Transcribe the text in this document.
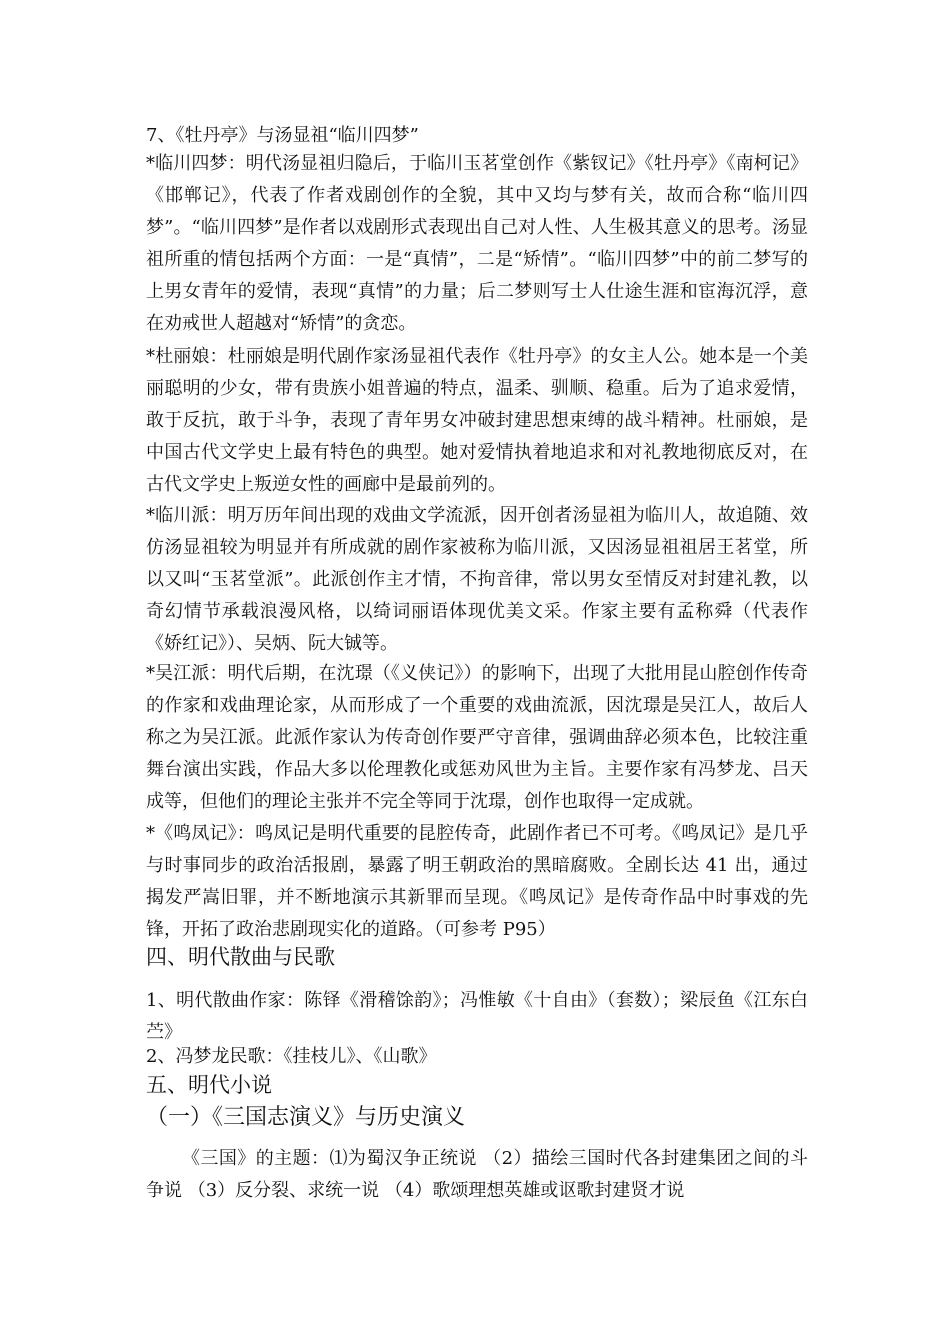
7、《牡丹亭》与汤显祖“临川四梦”
*临川四梦：明代汤显祖归隐后，于临川玉茗堂创作《紫钗记》《牡丹亭》《南柯记》《邯郸记》，代表了作者戏剧创作的全貌，其中又均与梦有关，故而合称“临川四梦”。“临川四梦”是作者以戏剧形式表现出自己对人性、人生极其意义的思考。汤显祖所重的情包括两个方面：一是“真情”，二是“矫情”。“临川四梦”中的前二梦写的上男女青年的爱情，表现“真情”的力量；后二梦则写士人仕途生涯和宦海沉浮，意在劝戒世人超越对“矫情”的贪恋。
*杜丽娘：杜丽娘是明代剧作家汤显祖代表作《牡丹亭》的女主人公。她本是一个美丽聪明的少女，带有贵族小姐普遍的特点，温柔、驯顺、稳重。后为了追求爱情，敢于反抗，敢于斗争，表现了青年男女冲破封建思想束缚的战斗精神。杜丽娘，是中国古代文学史上最有特色的典型。她对爱情执着地追求和对礼教地彻底反对，在古代文学史上叛逆女性的画廊中是最前列的。
*临川派：明万历年间出现的戏曲文学流派，因开创者汤显祖为临川人，故追随、效仿汤显祖较为明显并有所成就的剧作家被称为临川派，又因汤显祖祖居王茗堂，所以又叫“玉茗堂派”。此派创作主才情，不拘音律，常以男女至情反对封建礼教，以奇幻情节承载浪漫风格，以绮词丽语体现优美文采。作家主要有孟称舜（代表作《娇红记》）、吴炳、阮大铖等。
*吴江派：明代后期，在沈璟（《义侠记》）的影响下，出现了大批用昆山腔创作传奇的作家和戏曲理论家，从而形成了一个重要的戏曲流派，因沈璟是吴江人，故后人称之为吴江派。此派作家认为传奇创作要严守音律，强调曲辞必须本色，比较注重舞台演出实践，作品大多以伦理教化或惩劝风世为主旨。主要作家有冯梦龙、吕天成等，但他们的理论主张并不完全等同于沈璟，创作也取得一定成就。
*《鸣凤记》：鸣凤记是明代重要的昆腔传奇，此剧作者已不可考。《鸣凤记》是几乎与时事同步的政治活报剧，暴露了明王朝政治的黑暗腐败。全剧长达 41 出，通过揭发严嵩旧罪，并不断地演示其新罪而呈现。《鸣凤记》是传奇作品中时事戏的先锋，开拓了政治悲剧现实化的道路。（可参考 P95）
四、明代散曲与民歌
1、明代散曲作家：陈铎《滑稽馀韵》；冯惟敏《十自由》（套数）；梁辰鱼《江东白苎》
2、冯梦龙民歌：《挂枝儿》、《山歌》
五、明代小说
（一）《三国志演义》与历史演义
《三国》的主题：⑴为蜀汉争正统说 （2）描绘三国时代各封建集团之间的斗争说 （3）反分裂、求统一说 （4）歌颂理想英雄或讴歌封建贤才说
